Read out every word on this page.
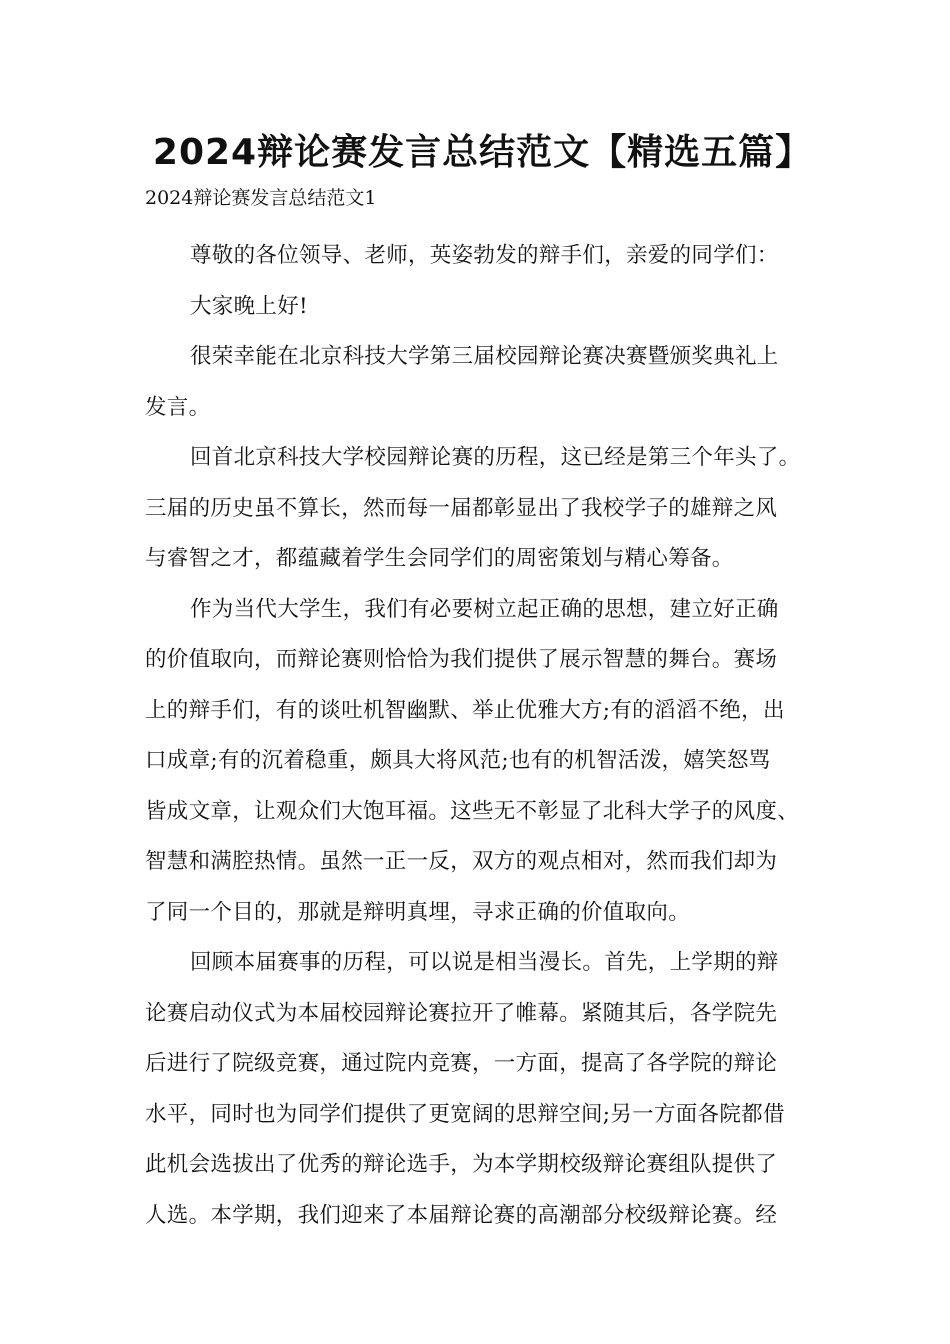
2024辩论赛发言总结范文【精选五篇】
2024辩论赛发言总结范文1
尊敬的各位领导、老师，英姿勃发的辩手们，亲爱的同学们：
大家晚上好!
很荣幸能在北京科技大学第三届校园辩论赛决赛暨颁奖典礼上
发言。
回首北京科技大学校园辩论赛的历程，这已经是第三个年头了。
三届的历史虽不算长，然而每一届都彰显出了我校学子的雄辩之风
与睿智之才，都蕴藏着学生会同学们的周密策划与精心筹备。
作为当代大学生，我们有必要树立起正确的思想，建立好正确
的价值取向，而辩论赛则恰恰为我们提供了展示智慧的舞台。赛场
上的辩手们，有的谈吐机智幽默、举止优雅大方;有的滔滔不绝，出
口成章;有的沉着稳重，颇具大将风范;也有的机智活泼，嬉笑怒骂
皆成文章，让观众们大饱耳福。这些无不彰显了北科大学子的风度、
智慧和满腔热情。虽然一正一反，双方的观点相对，然而我们却为
了同一个目的，那就是辩明真埋，寻求正确的价值取向。
回顾本届赛事的历程，可以说是相当漫长。首先，上学期的辩
论赛启动仪式为本届校园辩论赛拉开了帷幕。紧随其后，各学院先
后进行了院级竞赛，通过院内竞赛，一方面，提高了各学院的辩论
水平，同时也为同学们提供了更宽阔的思辩空间;另一方面各院都借
此机会选拔出了优秀的辩论选手，为本学期校级辩论赛组队提供了
人选。本学期，我们迎来了本届辩论赛的高潮部分校级辩论赛。经
